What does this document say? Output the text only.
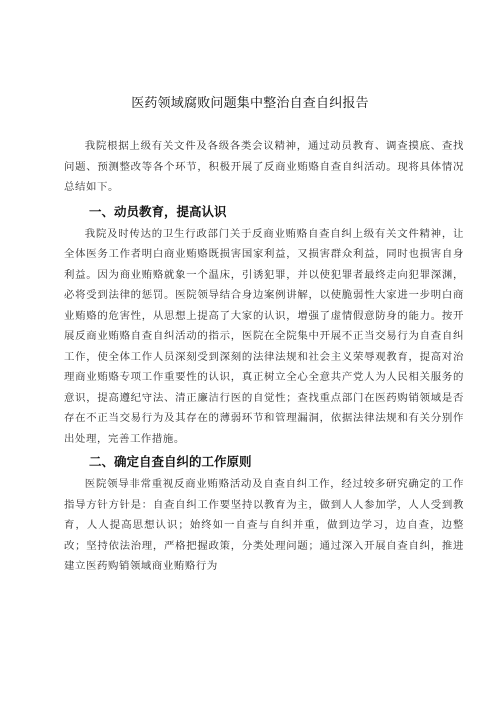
医药领域腐败问题集中整治自查自纠报告

我院根据上级有关文件及各级各类会议精神，通过动员教育、调查摸底、查找问题、预测整改等各个环节，积极开展了反商业贿赂自查自纠活动。现将具体情况总结如下。

一、动员教育，提高认识

我院及时传达的卫生行政部门关于反商业贿赂自查自纠上级有关文件精神，让全体医务工作者明白商业贿赂既损害国家利益，又损害群众利益，同时也损害自身利益。因为商业贿赂就象一个温床，引诱犯罪，并以使犯罪者最终走向犯罪深渊，必将受到法律的惩罚。医院领导结合身边案例讲解，以使脆弱性大家进一步明白商业贿赂的危害性，从思想上提高了大家的认识，增强了虚情假意防身的能力。按开展反商业贿赂自查自纠活动的指示，医院在全院集中开展不正当交易行为自查自纠工作，使全体工作人员深刻受到深刻的法律法规和社会主义荣辱观教育，提高对治理商业贿赂专项工作重要性的认识，真正树立全心全意共产党人为人民相关服务的意识，提高遵纪守法、清正廉洁行医的自觉性；查找重点部门在医药购销领域是否存在不正当交易行为及其存在的薄弱环节和管理漏洞，依据法律法规和有关分别作出处理，完善工作措施。

二、确定自查自纠的工作原则

医院领导非常重视反商业贿赂活动及自查自纠工作，经过较多研究确定的工作指导方针方针是：自查自纠工作要坚持以教育为主，做到人人参加学，人人受到教育，人人提高思想认识；始终如一自查与自纠并重，做到边学习，边自查，边整改；坚持依法治理，严格把握政策，分类处理问题；通过深入开展自查自纠，推进建立医药购销领域商业贿赂行为
